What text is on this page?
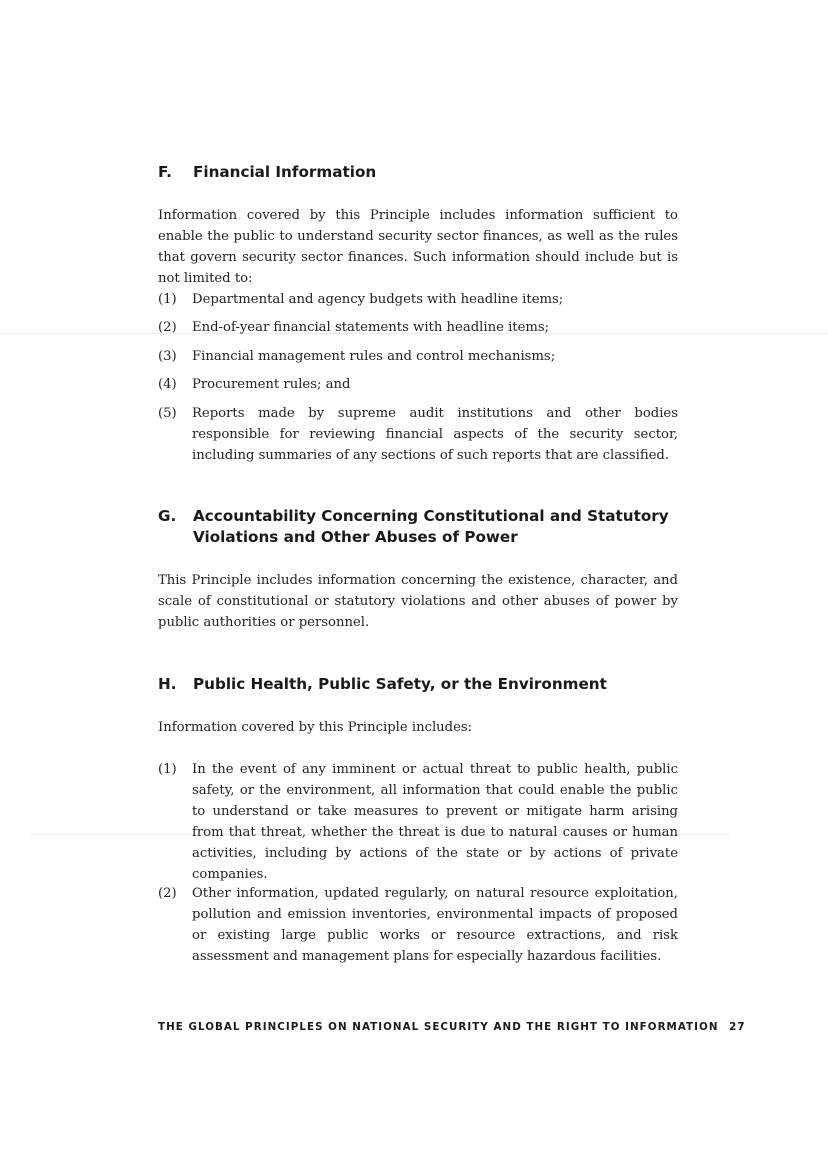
F. Financial Information
Information covered by this Principle includes information sufficient to enable the public to understand security sector finances, as well as the rules that govern security sector finances. Such information should include but is not limited to:
(1) Departmental and agency budgets with headline items;
(2) End-of-year financial statements with headline items;
(3) Financial management rules and control mechanisms;
(4) Procurement rules; and
(5) Reports made by supreme audit institutions and other bodies responsible for reviewing financial aspects of the security sector, including summaries of any sections of such reports that are classified.
G. Accountability Concerning Constitutional and Statutory Violations and Other Abuses of Power
This Principle includes information concerning the existence, character, and scale of constitutional or statutory violations and other abuses of power by public authorities or personnel.
H. Public Health, Public Safety, or the Environment
Information covered by this Principle includes:
(1) In the event of any imminent or actual threat to public health, public safety, or the environment, all information that could enable the public to understand or take measures to prevent or mitigate harm arising from that threat, whether the threat is due to natural causes or human activities, including by actions of the state or by actions of private companies.
(2) Other information, updated regularly, on natural resource exploitation, pollution and emission inventories, environmental impacts of proposed or existing large public works or resource extractions, and risk assessment and management plans for especially hazardous facilities.
THE GLOBAL PRINCIPLES ON NATIONAL SECURITY AND THE RIGHT TO INFORMATION 27
